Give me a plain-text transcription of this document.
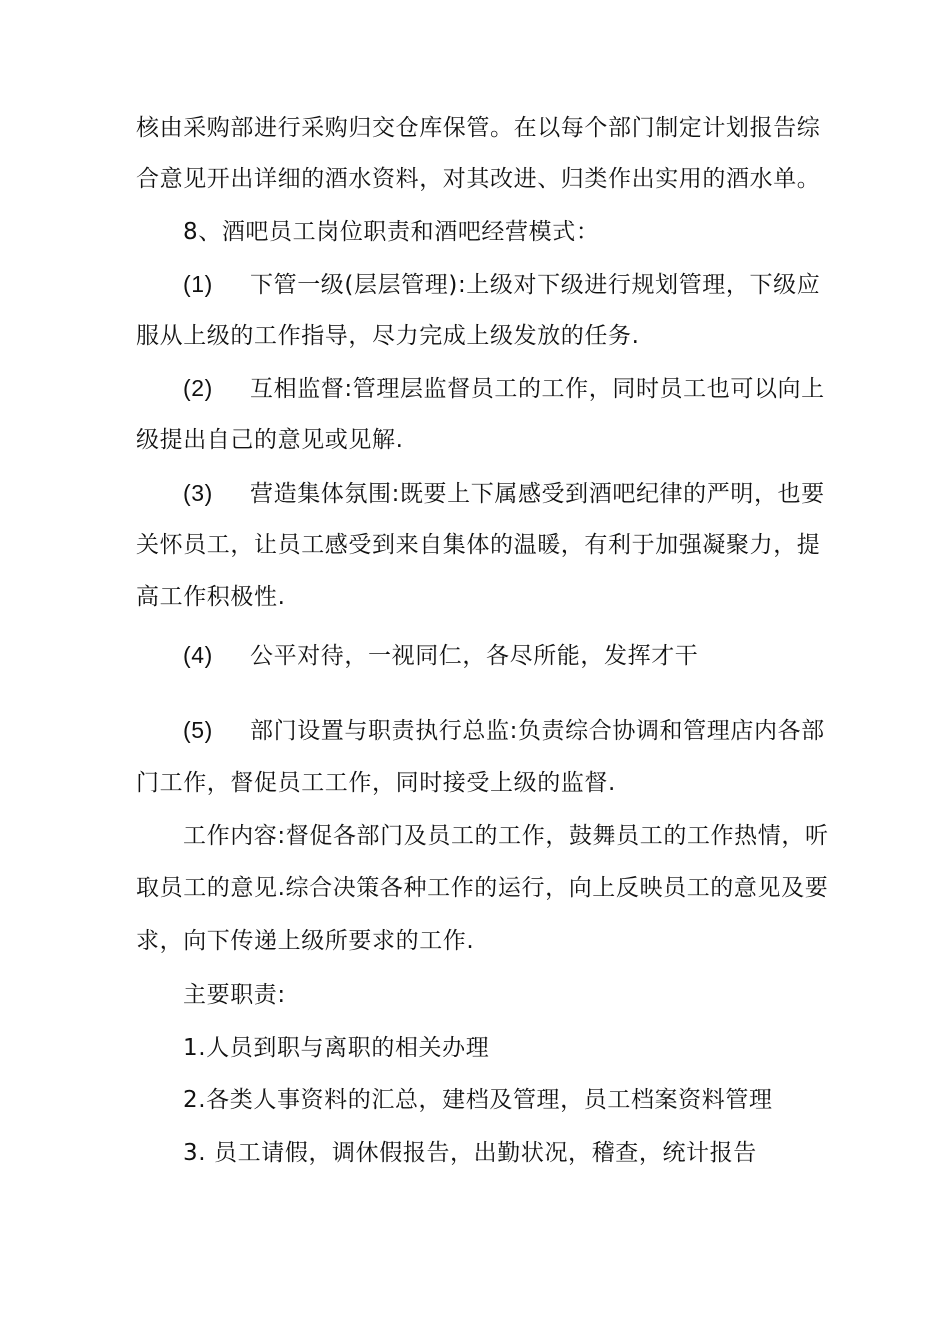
核由采购部进行采购归交仓库保管。在以每个部门制定计划报告综
合意见开出详细的酒水资料，对其改进、归类作出实用的酒水单。
8、酒吧员工岗位职责和酒吧经营模式：
(1) 下管一级(层层管理):上级对下级进行规划管理，下级应
服从上级的工作指导，尽力完成上级发放的任务.
(2) 互相监督:管理层监督员工的工作，同时员工也可以向上
级提出自己的意见或见解.
(3) 营造集体氛围:既要上下属感受到酒吧纪律的严明，也要
关怀员工，让员工感受到来自集体的温暖，有利于加强凝聚力，提
高工作积极性.
(4) 公平对待，一视同仁，各尽所能，发挥才干
(5) 部门设置与职责执行总监:负责综合协调和管理店内各部
门工作，督促员工工作，同时接受上级的监督.
工作内容:督促各部门及员工的工作，鼓舞员工的工作热情，听
取员工的意见.综合决策各种工作的运行，向上反映员工的意见及要
求，向下传递上级所要求的工作.
主要职责:
1.人员到职与离职的相关办理
2.各类人事资料的汇总，建档及管理，员工档案资料管理
3. 员工请假，调休假报告，出勤状况，稽查，统计报告
